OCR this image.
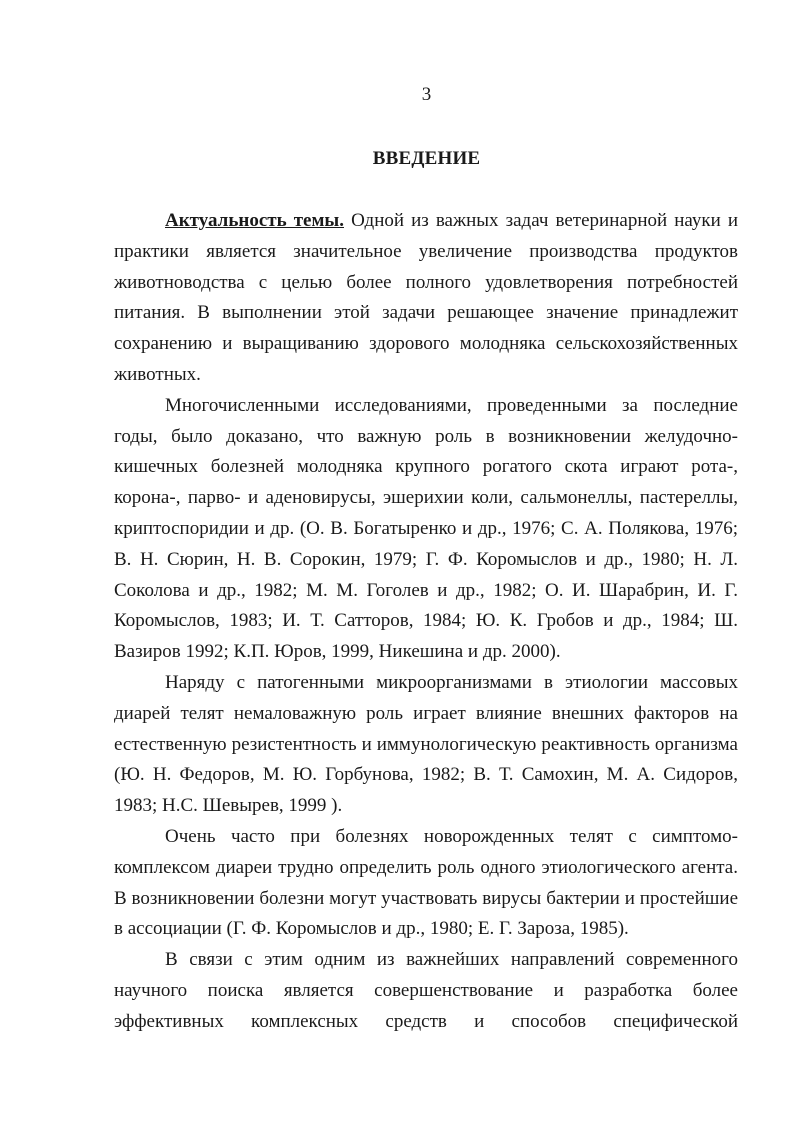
3
ВВЕДЕНИЕ

Актуальность темы. Одной из важных задач ветеринарной науки и практики является значительное увеличение производства продуктов животноводства с целью более полного удовлетворения потребностей питания. В выполнении этой задачи решающее значение принадлежит сохранению и выращиванию здорового молодняка сельскохозяйственных животных.

Многочисленными исследованиями, проведенными за последние годы, было доказано, что важную роль в возникновении желудочно-кишечных болезней молодняка крупного рогатого скота играют рота-, корона-, парво- и аденовирусы, эшерихии коли, сальмонеллы, пастереллы, криптоспоридии и др. (О. В. Богатыренко и др., 1976; С. А. Полякова, 1976; В. Н. Сюрин, Н. В. Сорокин, 1979; Г. Ф. Коромыслов и др., 1980; Н. Л. Соколова и др., 1982; М. М. Гоголев и др., 1982; О. И. Шарабрин, И. Г. Коромыслов, 1983; И. Т. Сатторов, 1984; Ю. К. Гробов и др., 1984; Ш. Вазиров 1992; К.П. Юров, 1999, Никешина и др. 2000).

Наряду с патогенными микроорганизмами в этиологии массовых диарей телят немаловажную роль играет влияние внешних факторов на естественную резистентность и иммунологическую реактивность организма (Ю. Н. Федоров, М. Ю. Горбунова, 1982; В. Т. Самохин, М. А. Сидоров, 1983; Н.С. Шевырев, 1999 ).

Очень часто при болезнях новорожденных телят с симптомо-комплексом диареи трудно определить роль одного этиологического агента. В возникновении болезни могут участвовать вирусы бактерии и простейшие в ассоциации (Г. Ф. Коромыслов и др., 1980; Е. Г. Зароза, 1985).

В связи с этим одним из важнейших направлений современного научного поиска является совершенствование и разработка более эффективных комплексных средств и способов специфической
